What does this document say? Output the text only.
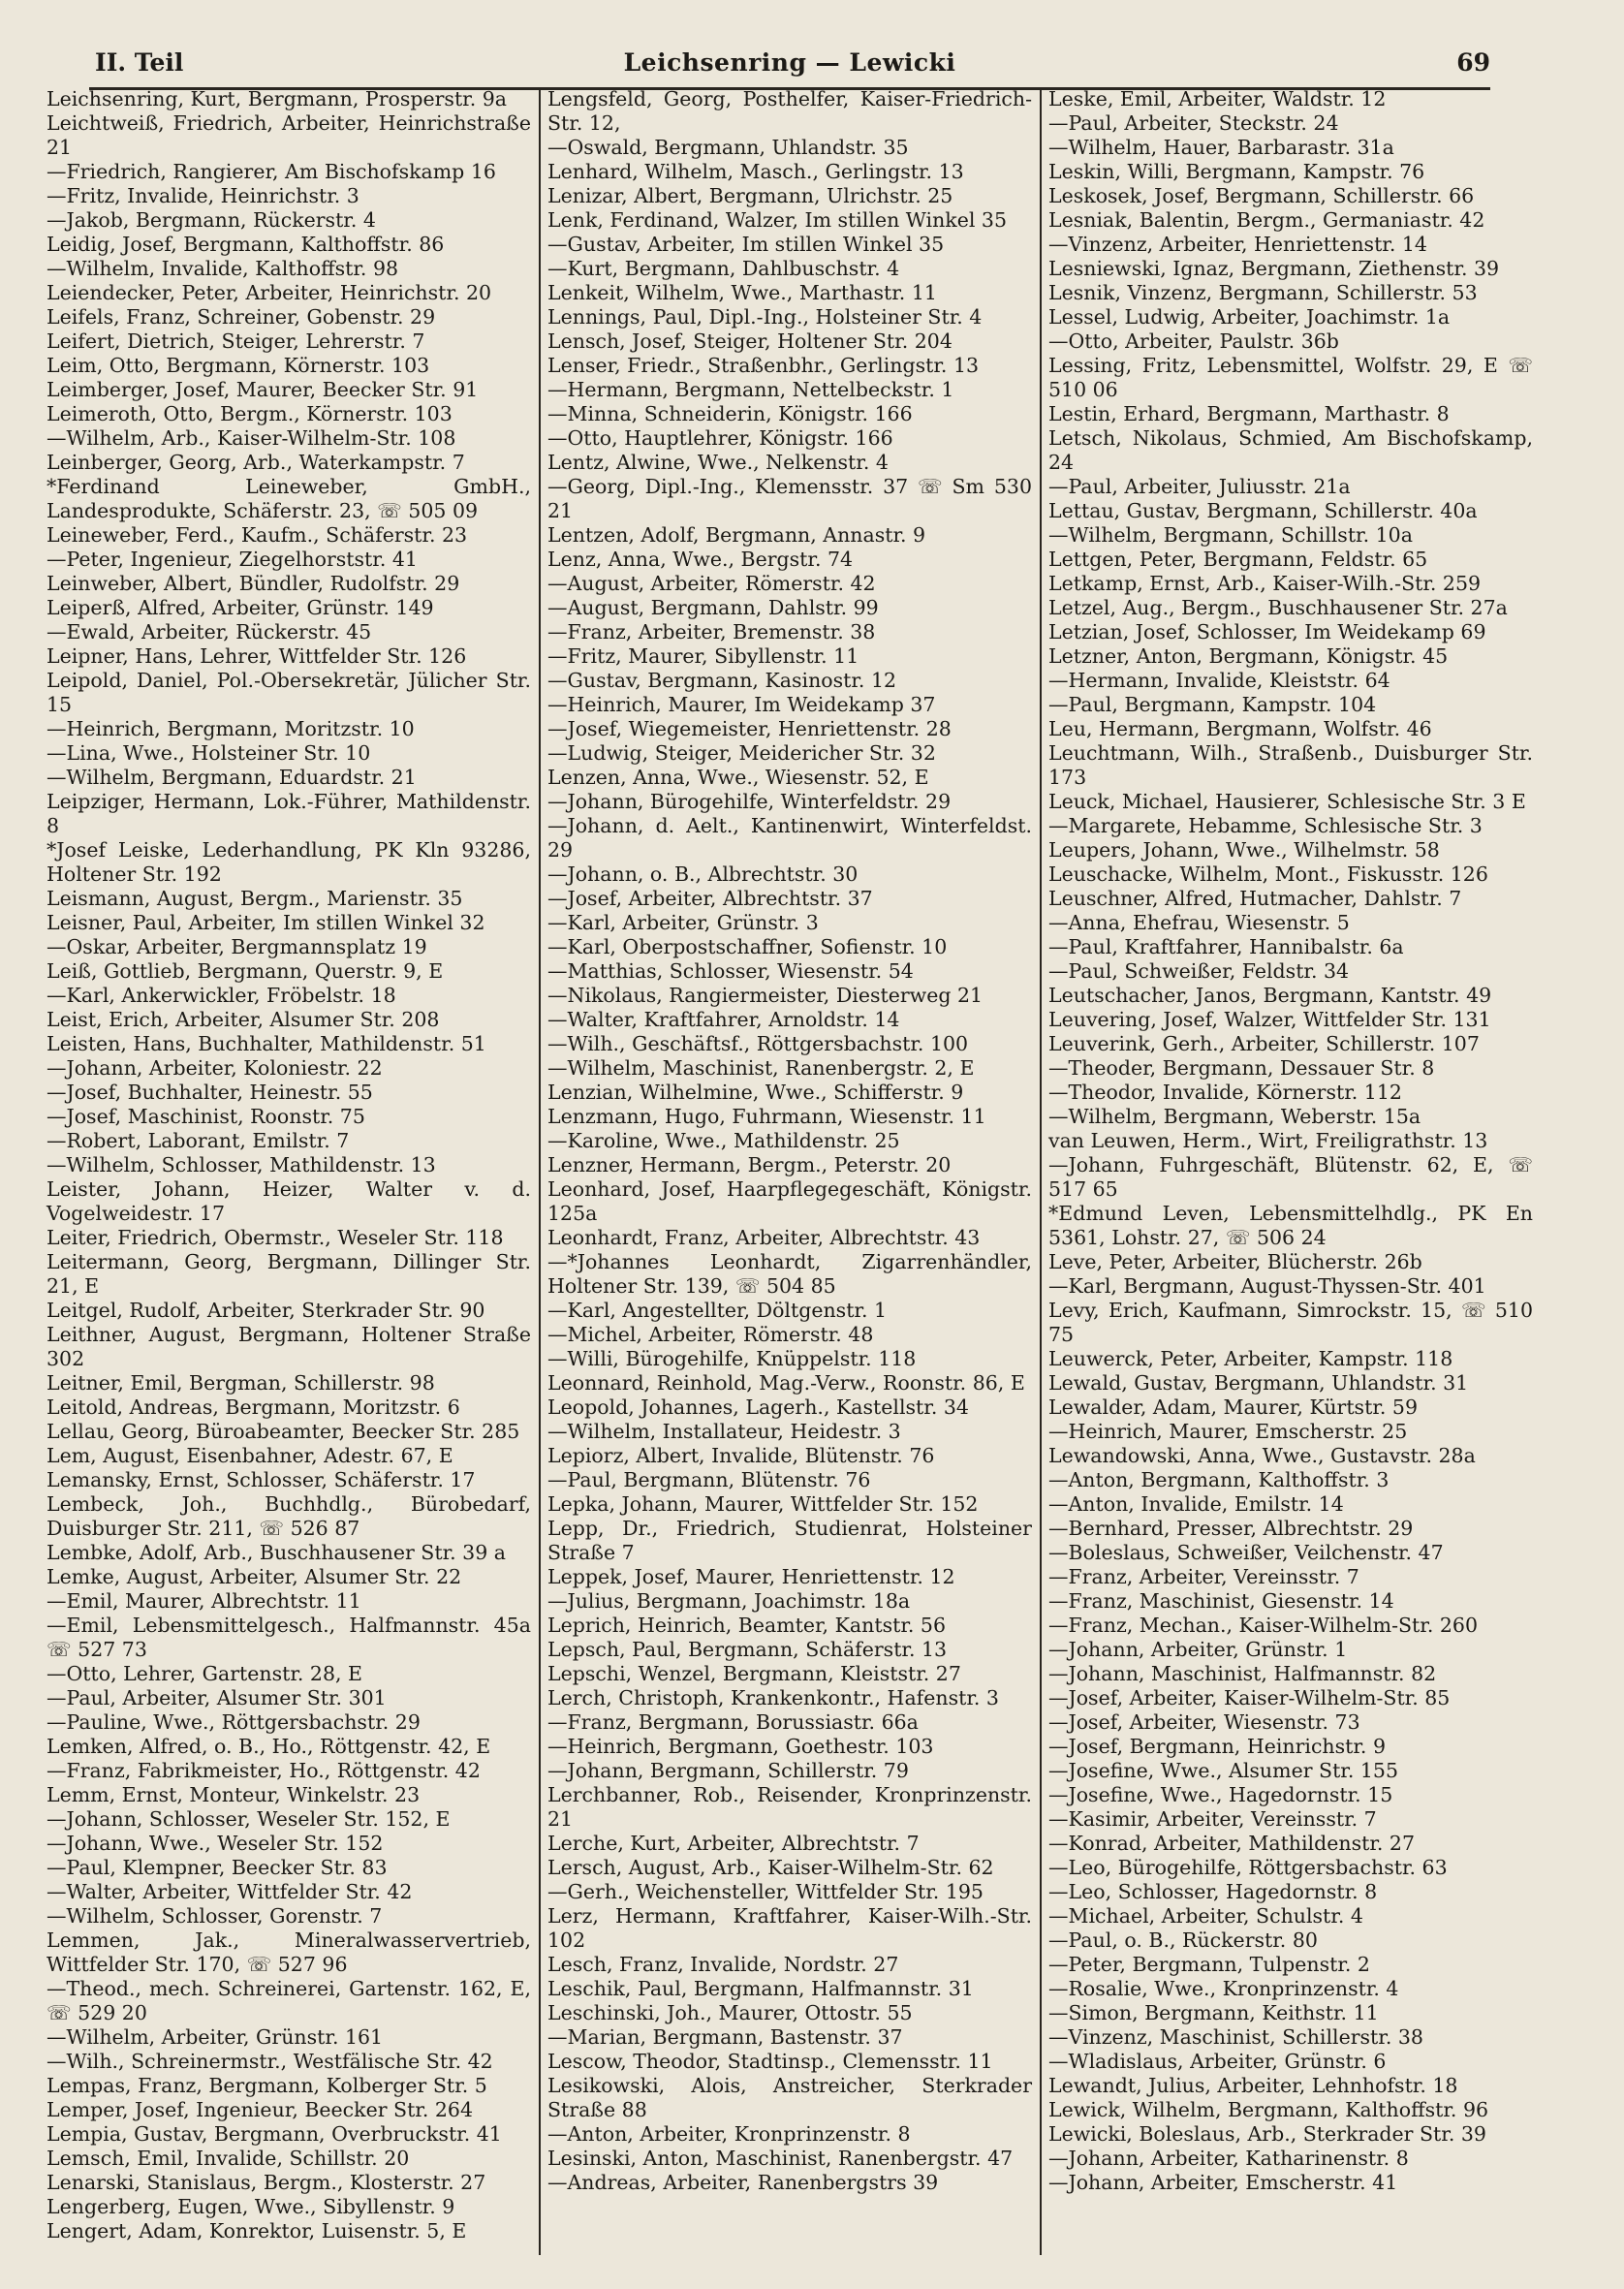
II. Teil	Leichsenring — Lewicki	69
Leichsenring, Kurt, Bergmann, Prosperstr. 9a
Leichtweiß, Friedrich, Arbeiter, Heinrichstraße 21
—Friedrich, Rangierer, Am Bischofskamp 16
—Fritz, Invalide, Heinrichstr. 3
—Jakob, Bergmann, Rückerstr. 4
Leidig, Josef, Bergmann, Kalthoffstr. 86
—Wilhelm, Invalide, Kalthoffstr. 98
Leiendecker, Peter, Arbeiter, Heinrichstr. 20
Leifels, Franz, Schreiner, Gobenstr. 29
Leifert, Dietrich, Steiger, Lehrerstr. 7
Leim, Otto, Bergmann, Körnerstr. 103
Leimberger, Josef, Maurer, Beecker Str. 91
Leimeroth, Otto, Bergm., Körnerstr. 103
—Wilhelm, Arb., Kaiser-Wilhelm-Str. 108
Leinberger, Georg, Arb., Waterkampstr. 7
*Ferdinand Leineweber, GmbH., Landesprodukte, Schäferstr. 23, ☏ 505 09
Leineweber, Ferd., Kaufm., Schäferstr. 23
—Peter, Ingenieur, Ziegelhorststr. 41
Leinweber, Albert, Bündler, Rudolfstr. 29
Leiperß, Alfred, Arbeiter, Grünstr. 149
—Ewald, Arbeiter, Rückerstr. 45
Leipner, Hans, Lehrer, Wittfelder Str. 126
Leipold, Daniel, Pol.-Obersekretär, Jülicher Str. 15
—Heinrich, Bergmann, Moritzstr. 10
—Lina, Wwe., Holsteiner Str. 10
—Wilhelm, Bergmann, Eduardstr. 21
Leipziger, Hermann, Lok.-Führer, Mathildenstr. 8
*Josef Leiske, Lederhandlung, PK Kln 93286, Holtener Str. 192
Leismann, August, Bergm., Marienstr. 35
Leisner, Paul, Arbeiter, Im stillen Winkel 32
—Oskar, Arbeiter, Bergmannsplatz 19
Leiß, Gottlieb, Bergmann, Querstr. 9, E
—Karl, Ankerwickler, Fröbelstr. 18
Leist, Erich, Arbeiter, Alsumer Str. 208
Leisten, Hans, Buchhalter, Mathildenstr. 51
—Johann, Arbeiter, Koloniestr. 22
—Josef, Buchhalter, Heinestr. 55
—Josef, Maschinist, Roonstr. 75
—Robert, Laborant, Emilstr. 7
—Wilhelm, Schlosser, Mathildenstr. 13
Leister, Johann, Heizer, Walter v. d. Vogelweidestr. 17
Leiter, Friedrich, Obermstr., Weseler Str. 118
Leitermann, Georg, Bergmann, Dillinger Str. 21, E
Leitgel, Rudolf, Arbeiter, Sterkrader Str. 90
Leithner, August, Bergmann, Holtener Straße 302
Leitner, Emil, Bergman, Schillerstr. 98
Leitold, Andreas, Bergmann, Moritzstr. 6
Lellau, Georg, Büroabeamter, Beecker Str. 285
Lem, August, Eisenbahner, Adestr. 67, E
Lemansky, Ernst, Schlosser, Schäferstr. 17
Lembeck, Joh., Buchhdlg., Bürobedarf, Duisburger Str. 211, ☏ 526 87
Lembke, Adolf, Arb., Buschhausener Str. 39 a
Lemke, August, Arbeiter, Alsumer Str. 22
—Emil, Maurer, Albrechtstr. 11
—Emil, Lebensmittelgesch., Halfmannstr. 45a ☏ 527 73
—Otto, Lehrer, Gartenstr. 28, E
—Paul, Arbeiter, Alsumer Str. 301
—Pauline, Wwe., Röttgersbachstr. 29
Lemken, Alfred, o. B., Ho., Röttgenstr. 42, E
—Franz, Fabrikmeister, Ho., Röttgenstr. 42
Lemm, Ernst, Monteur, Winkelstr. 23
—Johann, Schlosser, Weseler Str. 152, E
—Johann, Wwe., Weseler Str. 152
—Paul, Klempner, Beecker Str. 83
—Walter, Arbeiter, Wittfelder Str. 42
—Wilhelm, Schlosser, Gorenstr. 7
Lemmen, Jak., Mineralwasservertrieb, Wittfelder Str. 170, ☏ 527 96
—Theod., mech. Schreinerei, Gartenstr. 162, E, ☏ 529 20
—Wilhelm, Arbeiter, Grünstr. 161
—Wilh., Schreinermstr., Westfälische Str. 42
Lempas, Franz, Bergmann, Kolberger Str. 5
Lemper, Josef, Ingenieur, Beecker Str. 264
Lempia, Gustav, Bergmann, Overbruckstr. 41
Lemsch, Emil, Invalide, Schillstr. 20
Lenarski, Stanislaus, Bergm., Klosterstr. 27
Lengerberg, Eugen, Wwe., Sibyllenstr. 9
Lengert, Adam, Konrektor, Luisenstr. 5, E
Lengsfeld, Georg, Posthelfer, Kaiser-Friedrich-Str. 12,
—Oswald, Bergmann, Uhlandstr. 35
Lenhard, Wilhelm, Masch., Gerlingstr. 13
Lenizar, Albert, Bergmann, Ulrichstr. 25
Lenk, Ferdinand, Walzer, Im stillen Winkel 35
—Gustav, Arbeiter, Im stillen Winkel 35
—Kurt, Bergmann, Dahlbuschstr. 4
Lenkeit, Wilhelm, Wwe., Marthastr. 11
Lennings, Paul, Dipl.-Ing., Holsteiner Str. 4
Lensch, Josef, Steiger, Holtener Str. 204
Lenser, Friedr., Straßenbhr., Gerlingstr. 13
—Hermann, Bergmann, Nettelbeckstr. 1
—Minna, Schneiderin, Königstr. 166
—Otto, Hauptlehrer, Königstr. 166
Lentz, Alwine, Wwe., Nelkenstr. 4
—Georg, Dipl.-Ing., Klemensstr. 37 ☏ Sm 530 21
Lentzen, Adolf, Bergmann, Annastr. 9
Lenz, Anna, Wwe., Bergstr. 74
—August, Arbeiter, Römerstr. 42
—August, Bergmann, Dahlstr. 99
—Franz, Arbeiter, Bremenstr. 38
—Fritz, Maurer, Sibyllenstr. 11
—Gustav, Bergmann, Kasinostr. 12
—Heinrich, Maurer, Im Weidekamp 37
—Josef, Wiegemeister, Henriettenstr. 28
—Ludwig, Steiger, Meidericher Str. 32
Lenzen, Anna, Wwe., Wiesenstr. 52, E
—Johann, Bürogehilfe, Winterfeldstr. 29
—Johann, d. Aelt., Kantinenwirt, Winterfeldst. 29
—Johann, o. B., Albrechtstr. 30
—Josef, Arbeiter, Albrechtstr. 37
—Karl, Arbeiter, Grünstr. 3
—Karl, Oberpostschaffner, Sofienstr. 10
—Matthias, Schlosser, Wiesenstr. 54
—Nikolaus, Rangiermeister, Diesterweg 21
—Walter, Kraftfahrer, Arnoldstr. 14
—Wilh., Geschäftsf., Röttgersbachstr. 100
—Wilhelm, Maschinist, Ranenbergstr. 2, E
Lenzian, Wilhelmine, Wwe., Schifferstr. 9
Lenzmann, Hugo, Fuhrmann, Wiesenstr. 11
—Karoline, Wwe., Mathildenstr. 25
Lenzner, Hermann, Bergm., Peterstr. 20
Leonhard, Josef, Haarpflegegeschäft, Königstr. 125a
Leonhardt, Franz, Arbeiter, Albrechtstr. 43
—*Johannes Leonhardt, Zigarrenhändler, Holtener Str. 139, ☏ 504 85
—Karl, Angestellter, Döltgenstr. 1
—Michel, Arbeiter, Römerstr. 48
—Willi, Bürogehilfe, Knüppelstr. 118
Leonnard, Reinhold, Mag.-Verw., Roonstr. 86, E
Leopold, Johannes, Lagerh., Kastellstr. 34
—Wilhelm, Installateur, Heidestr. 3
Lepiorz, Albert, Invalide, Blütenstr. 76
—Paul, Bergmann, Blütenstr. 76
Lepka, Johann, Maurer, Wittfelder Str. 152
Lepp, Dr., Friedrich, Studienrat, Holsteiner Straße 7
Leppek, Josef, Maurer, Henriettenstr. 12
—Julius, Bergmann, Joachimstr. 18a
Leprich, Heinrich, Beamter, Kantstr. 56
Lepsch, Paul, Bergmann, Schäferstr. 13
Lepschi, Wenzel, Bergmann, Kleiststr. 27
Lerch, Christoph, Krankenkontr., Hafenstr. 3
—Franz, Bergmann, Borussiastr. 66a
—Heinrich, Bergmann, Goethestr. 103
—Johann, Bergmann, Schillerstr. 79
Lerchbanner, Rob., Reisender, Kronprinzenstr. 21
Lerche, Kurt, Arbeiter, Albrechtstr. 7
Lersch, August, Arb., Kaiser-Wilhelm-Str. 62
—Gerh., Weichensteller, Wittfelder Str. 195
Lerz, Hermann, Kraftfahrer, Kaiser-Wilh.-Str. 102
Lesch, Franz, Invalide, Nordstr. 27
Leschik, Paul, Bergmann, Halfmannstr. 31
Leschinski, Joh., Maurer, Ottostr. 55
—Marian, Bergmann, Bastenstr. 37
Lescow, Theodor, Stadtinsp., Clemensstr. 11
Lesikowski, Alois, Anstreicher, Sterkrader Straße 88
—Anton, Arbeiter, Kronprinzenstr. 8
Lesinski, Anton, Maschinist, Ranenbergstr. 47
—Andreas, Arbeiter, Ranenbergstrs 39
Leske, Emil, Arbeiter, Waldstr. 12
—Paul, Arbeiter, Steckstr. 24
—Wilhelm, Hauer, Barbarastr. 31a
Leskin, Willi, Bergmann, Kampstr. 76
Leskosek, Josef, Bergmann, Schillerstr. 66
Lesniak, Balentin, Bergm., Germaniastr. 42
—Vinzenz, Arbeiter, Henriettenstr. 14
Lesniewski, Ignaz, Bergmann, Ziethenstr. 39
Lesnik, Vinzenz, Bergmann, Schillerstr. 53
Lessel, Ludwig, Arbeiter, Joachimstr. 1a
—Otto, Arbeiter, Paulstr. 36b
Lessing, Fritz, Lebensmittel, Wolfstr. 29, E ☏ 510 06
Lestin, Erhard, Bergmann, Marthastr. 8
Letsch, Nikolaus, Schmied, Am Bischofskamp, 24
—Paul, Arbeiter, Juliusstr. 21a
Lettau, Gustav, Bergmann, Schillerstr. 40a
—Wilhelm, Bergmann, Schillstr. 10a
Lettgen, Peter, Bergmann, Feldstr. 65
Letkamp, Ernst, Arb., Kaiser-Wilh.-Str. 259
Letzel, Aug., Bergm., Buschhausener Str. 27a
Letzian, Josef, Schlosser, Im Weidekamp 69
Letzner, Anton, Bergmann, Königstr. 45
—Hermann, Invalide, Kleiststr. 64
—Paul, Bergmann, Kampstr. 104
Leu, Hermann, Bergmann, Wolfstr. 46
Leuchtmann, Wilh., Straßenb., Duisburger Str. 173
Leuck, Michael, Hausierer, Schlesische Str. 3 E
—Margarete, Hebamme, Schlesische Str. 3
Leupers, Johann, Wwe., Wilhelmstr. 58
Leuschacke, Wilhelm, Mont., Fiskusstr. 126
Leuschner, Alfred, Hutmacher, Dahlstr. 7
—Anna, Ehefrau, Wiesenstr. 5
—Paul, Kraftfahrer, Hannibalstr. 6a
—Paul, Schweißer, Feldstr. 34
Leutschacher, Janos, Bergmann, Kantstr. 49
Leuvering, Josef, Walzer, Wittfelder Str. 131
Leuverink, Gerh., Arbeiter, Schillerstr. 107
—Theoder, Bergmann, Dessauer Str. 8
—Theodor, Invalide, Körnerstr. 112
—Wilhelm, Bergmann, Weberstr. 15a
van Leuwen, Herm., Wirt, Freiligrathstr. 13
—Johann, Fuhrgeschäft, Blütenstr. 62, E, ☏ 517 65
*Edmund Leven, Lebensmittelhdlg., PK En 5361, Lohstr. 27, ☏ 506 24
Leve, Peter, Arbeiter, Blücherstr. 26b
—Karl, Bergmann, August-Thyssen-Str. 401
Levy, Erich, Kaufmann, Simrockstr. 15, ☏ 510 75
Leuwerck, Peter, Arbeiter, Kampstr. 118
Lewald, Gustav, Bergmann, Uhlandstr. 31
Lewalder, Adam, Maurer, Kürtstr. 59
—Heinrich, Maurer, Emscherstr. 25
Lewandowski, Anna, Wwe., Gustavstr. 28a
—Anton, Bergmann, Kalthoffstr. 3
—Anton, Invalide, Emilstr. 14
—Bernhard, Presser, Albrechtstr. 29
—Boleslaus, Schweißer, Veilchenstr. 47
—Franz, Arbeiter, Vereinsstr. 7
—Franz, Maschinist, Giesenstr. 14
—Franz, Mechan., Kaiser-Wilhelm-Str. 260
—Johann, Arbeiter, Grünstr. 1
—Johann, Maschinist, Halfmannstr. 82
—Josef, Arbeiter, Kaiser-Wilhelm-Str. 85
—Josef, Arbeiter, Wiesenstr. 73
—Josef, Bergmann, Heinrichstr. 9
—Josefine, Wwe., Alsumer Str. 155
—Josefine, Wwe., Hagedornstr. 15
—Kasimir, Arbeiter, Vereinsstr. 7
—Konrad, Arbeiter, Mathildenstr. 27
—Leo, Bürogehilfe, Röttgersbachstr. 63
—Leo, Schlosser, Hagedornstr. 8
—Michael, Arbeiter, Schulstr. 4
—Paul, o. B., Rückerstr. 80
—Peter, Bergmann, Tulpenstr. 2
—Rosalie, Wwe., Kronprinzenstr. 4
—Simon, Bergmann, Keithstr. 11
—Vinzenz, Maschinist, Schillerstr. 38
—Wladislaus, Arbeiter, Grünstr. 6
Lewandt, Julius, Arbeiter, Lehnhofstr. 18
Lewick, Wilhelm, Bergmann, Kalthoffstr. 96
Lewicki, Boleslaus, Arb., Sterkrader Str. 39
—Johann, Arbeiter, Katharinenstr. 8
—Johann, Arbeiter, Emscherstr. 41
